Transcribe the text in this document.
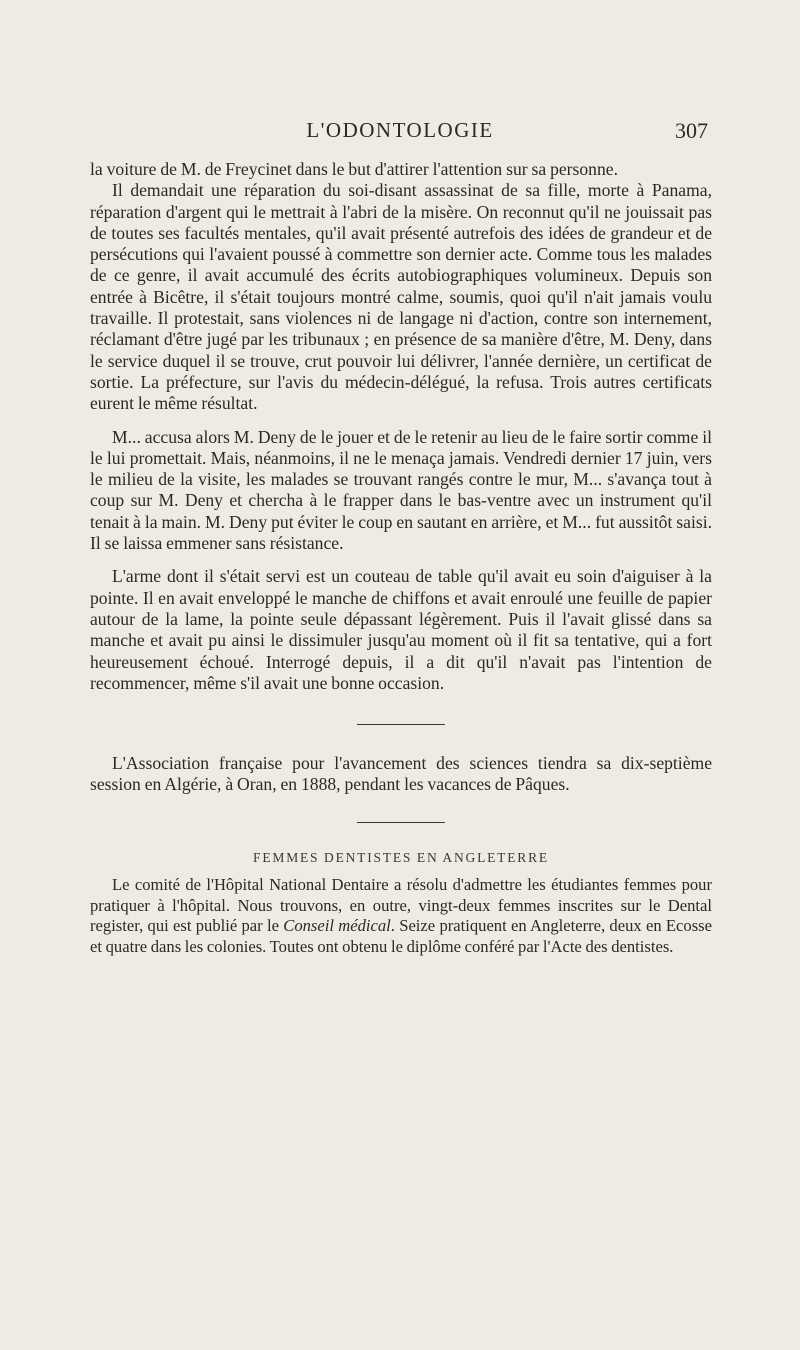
L'ODONTOLOGIE	307

la voiture de M. de Freycinet dans le but d'attirer l'attention sur sa personne.

Il demandait une réparation du soi-disant assassinat de sa fille, morte à Panama, réparation d'argent qui le mettrait à l'abri de la misère. On reconnut qu'il ne jouissait pas de toutes ses facultés mentales, qu'il avait présenté autrefois des idées de grandeur et de persécutions qui l'avaient poussé à commettre son dernier acte. Comme tous les malades de ce genre, il avait accumulé des écrits autobiographiques volumineux. Depuis son entrée à Bicêtre, il s'était toujours montré calme, soumis, quoi qu'il n'ait jamais voulu travaille. Il protestait, sans violences ni de langage ni d'action, contre son internement, réclamant d'être jugé par les tribunaux ; en présence de sa manière d'être, M. Deny, dans le service duquel il se trouve, crut pouvoir lui délivrer, l'année dernière, un certificat de sortie. La préfecture, sur l'avis du médecin-délégué, la refusa. Trois autres certificats eurent le même résultat.

M... accusa alors M. Deny de le jouer et de le retenir au lieu de le faire sortir comme il le lui promettait. Mais, néanmoins, il ne le menaça jamais. Vendredi dernier 17 juin, vers le milieu de la visite, les malades se trouvant rangés contre le mur, M... s'avança tout à coup sur M. Deny et chercha à le frapper dans le bas-ventre avec un instrument qu'il tenait à la main. M. Deny put éviter le coup en sautant en arrière, et M... fut aussitôt saisi. Il se laissa emmener sans résistance.

L'arme dont il s'était servi est un couteau de table qu'il avait eu soin d'aiguiser à la pointe. Il en avait enveloppé le manche de chiffons et avait enroulé une feuille de papier autour de la lame, la pointe seule dépassant légèrement. Puis il l'avait glissé dans sa manche et avait pu ainsi le dissimuler jusqu'au moment où il fit sa tentative, qui a fort heureusement échoué. Interrogé depuis, il a dit qu'il n'avait pas l'intention de recommencer, même s'il avait une bonne occasion.

L'Association française pour l'avancement des sciences tiendra sa dix-septième session en Algérie, à Oran, en 1888, pendant les vacances de Pâques.

FEMMES DENTISTES EN ANGLETERRE

Le comité de l'Hôpital National Dentaire a résolu d'admettre les étudiantes femmes pour pratiquer à l'hôpital. Nous trouvons, en outre, vingt-deux femmes inscrites sur le Dental register, qui est publié par le Conseil médical. Seize pratiquent en Angleterre, deux en Ecosse et quatre dans les colonies. Toutes ont obtenu le diplôme conféré par l'Acte des dentistes.
